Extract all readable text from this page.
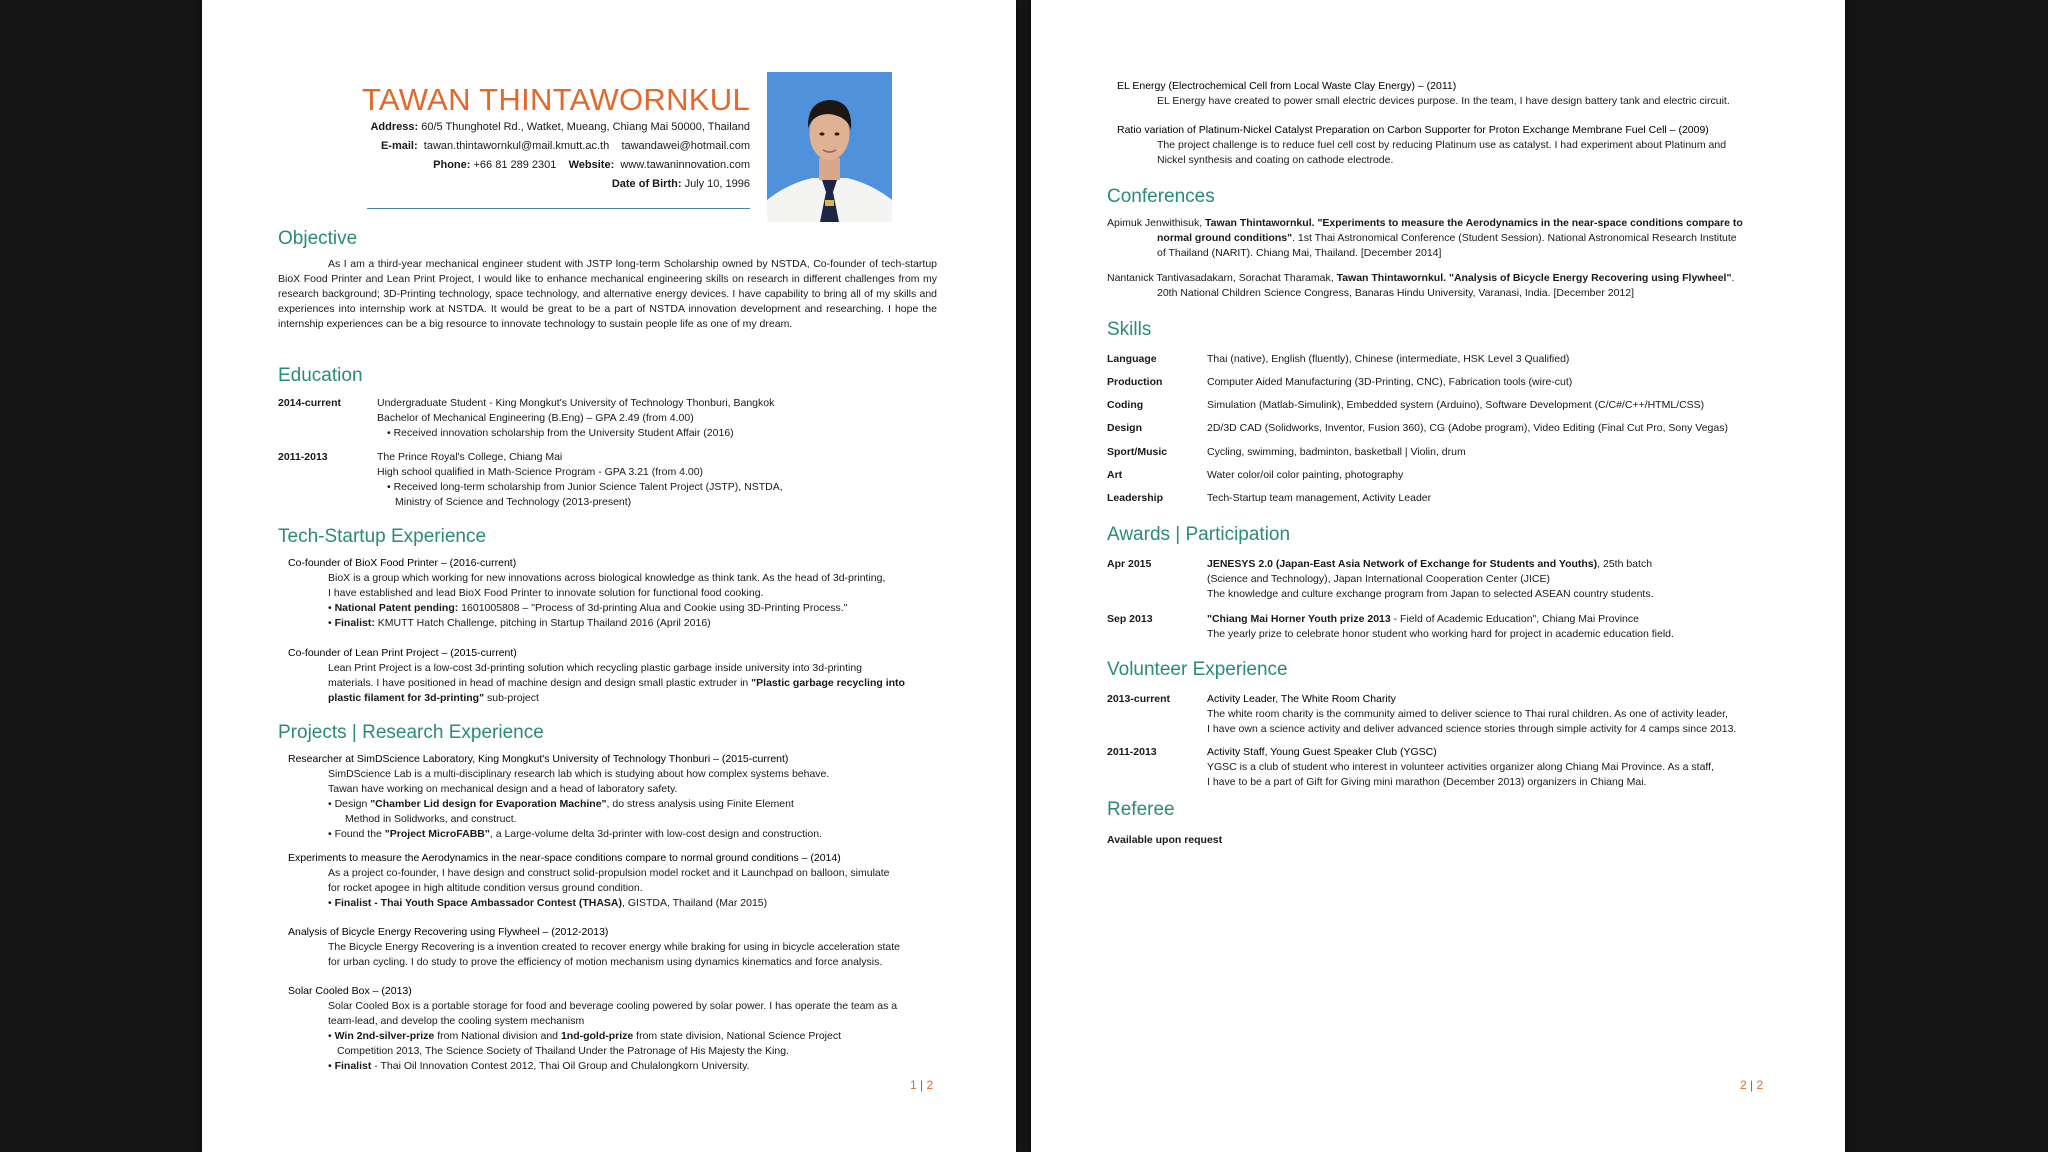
TAWAN THINTAWORNKUL
Address: 60/5 Thunghotel Rd., Watket, Mueang, Chiang Mai 50000, Thailand
E-mail: tawan.thintawornkul@mail.kmutt.ac.th tawandawei@hotmail.com
Phone: +66 81 289 2301 Website: www.tawaninnovation.com
Date of Birth: July 10, 1996
Objective
As I am a third-year mechanical engineer student with JSTP long-term Scholarship owned by NSTDA, Co-founder of tech-startup BioX Food Printer and Lean Print Project, I would like to enhance mechanical engineering skills on research in different challenges from my research background; 3D-Printing technology, space technology, and alternative energy devices. I have capability to bring all of my skills and experiences into internship work at NSTDA. It would be great to be a part of NSTDA innovation development and researching. I hope the internship experiences can be a big resource to innovate technology to sustain people life as one of my dream.
Education
2014-current	Undergraduate Student - King Mongkut's University of Technology Thonburi, Bangkok
Bachelor of Mechanical Engineering (B.Eng) – GPA 2.49 (from 4.00)
• Received innovation scholarship from the University Student Affair (2016)
2011-2013	The Prince Royal's College, Chiang Mai
High school qualified in Math-Science Program - GPA 3.21 (from 4.00)
• Received long-term scholarship from Junior Science Talent Project (JSTP), NSTDA,
Ministry of Science and Technology (2013-present)
Tech-Startup Experience
Co-founder of BioX Food Printer – (2016-current)
BioX is a group which working for new innovations across biological knowledge as think tank. As the head of 3d-printing,
I have established and lead BioX Food Printer to innovate solution for functional food cooking.
• National Patent pending: 1601005808 – "Process of 3d-printing Alua and Cookie using 3D-Printing Process."
• Finalist: KMUTT Hatch Challenge, pitching in Startup Thailand 2016 (April 2016)
Co-founder of Lean Print Project – (2015-current)
Lean Print Project is a low-cost 3d-printing solution which recycling plastic garbage inside university into 3d-printing
materials. I have positioned in head of machine design and design small plastic extruder in "Plastic garbage recycling into
plastic filament for 3d-printing" sub-project
Projects | Research Experience
Researcher at SimDScience Laboratory, King Mongkut's University of Technology Thonburi – (2015-current)
SimDScience Lab is a multi-disciplinary research lab which is studying about how complex systems behave.
Tawan have working on mechanical design and a head of laboratory safety.
• Design "Chamber Lid design for Evaporation Machine", do stress analysis using Finite Element
Method in Solidworks, and construct.
• Found the "Project MicroFABB", a Large-volume delta 3d-printer with low-cost design and construction.
Experiments to measure the Aerodynamics in the near-space conditions compare to normal ground conditions – (2014)
As a project co-founder, I have design and construct solid-propulsion model rocket and it Launchpad on balloon, simulate
for rocket apogee in high altitude condition versus ground condition.
• Finalist - Thai Youth Space Ambassador Contest (THASA), GISTDA, Thailand (Mar 2015)
Analysis of Bicycle Energy Recovering using Flywheel – (2012-2013)
The Bicycle Energy Recovering is a invention created to recover energy while braking for using in bicycle acceleration state
for urban cycling. I do study to prove the efficiency of motion mechanism using dynamics kinematics and force analysis.
Solar Cooled Box – (2013)
Solar Cooled Box is a portable storage for food and beverage cooling powered by solar power. I has operate the team as a
team-lead, and develop the cooling system mechanism
• Win 2nd-silver-prize from National division and 1nd-gold-prize from state division, National Science Project
Competition 2013, The Science Society of Thailand Under the Patronage of His Majesty the King.
• Finalist - Thai Oil Innovation Contest 2012, Thai Oil Group and Chulalongkorn University.
1 | 2
EL Energy (Electrochemical Cell from Local Waste Clay Energy) – (2011)
EL Energy have created to power small electric devices purpose. In the team, I have design battery tank and electric circuit.
Ratio variation of Platinum-Nickel Catalyst Preparation on Carbon Supporter for Proton Exchange Membrane Fuel Cell – (2009)
The project challenge is to reduce fuel cell cost by reducing Platinum use as catalyst. I had experiment about Platinum and
Nickel synthesis and coating on cathode electrode.
Conferences
Apimuk Jenwithisuk, Tawan Thintawornkul. "Experiments to measure the Aerodynamics in the near-space conditions compare to
normal ground conditions". 1st Thai Astronomical Conference (Student Session). National Astronomical Research Institute
of Thailand (NARIT). Chiang Mai, Thailand. [December 2014]
Nantanick Tantivasadakarn, Sorachat Tharamak, Tawan Thintawornkul. "Analysis of Bicycle Energy Recovering using Flywheel".
20th National Children Science Congress, Banaras Hindu University, Varanasi, India. [December 2012]
Skills
Language	Thai (native), English (fluently), Chinese (intermediate, HSK Level 3 Qualified)
Production	Computer Aided Manufacturing (3D-Printing, CNC), Fabrication tools (wire-cut)
Coding	Simulation (Matlab-Simulink), Embedded system (Arduino), Software Development (C/C#/C++/HTML/CSS)
Design	2D/3D CAD (Solidworks, Inventor, Fusion 360), CG (Adobe program), Video Editing (Final Cut Pro, Sony Vegas)
Sport/Music	Cycling, swimming, badminton, basketball | Violin, drum
Art	Water color/oil color painting, photography
Leadership	Tech-Startup team management, Activity Leader
Awards | Participation
Apr 2015	JENESYS 2.0 (Japan-East Asia Network of Exchange for Students and Youths), 25th batch
(Science and Technology), Japan International Cooperation Center (JICE)
The knowledge and culture exchange program from Japan to selected ASEAN country students.
Sep 2013	"Chiang Mai Horner Youth prize 2013 - Field of Academic Education", Chiang Mai Province
The yearly prize to celebrate honor student who working hard for project in academic education field.
Volunteer Experience
2013-current	Activity Leader, The White Room Charity
The white room charity is the community aimed to deliver science to Thai rural children. As one of activity leader,
I have own a science activity and deliver advanced science stories through simple activity for 4 camps since 2013.
2011-2013	Activity Staff, Young Guest Speaker Club (YGSC)
YGSC is a club of student who interest in volunteer activities organizer along Chiang Mai Province. As a staff,
I have to be a part of Gift for Giving mini marathon (December 2013) organizers in Chiang Mai.
Referee
Available upon request
2 | 2
